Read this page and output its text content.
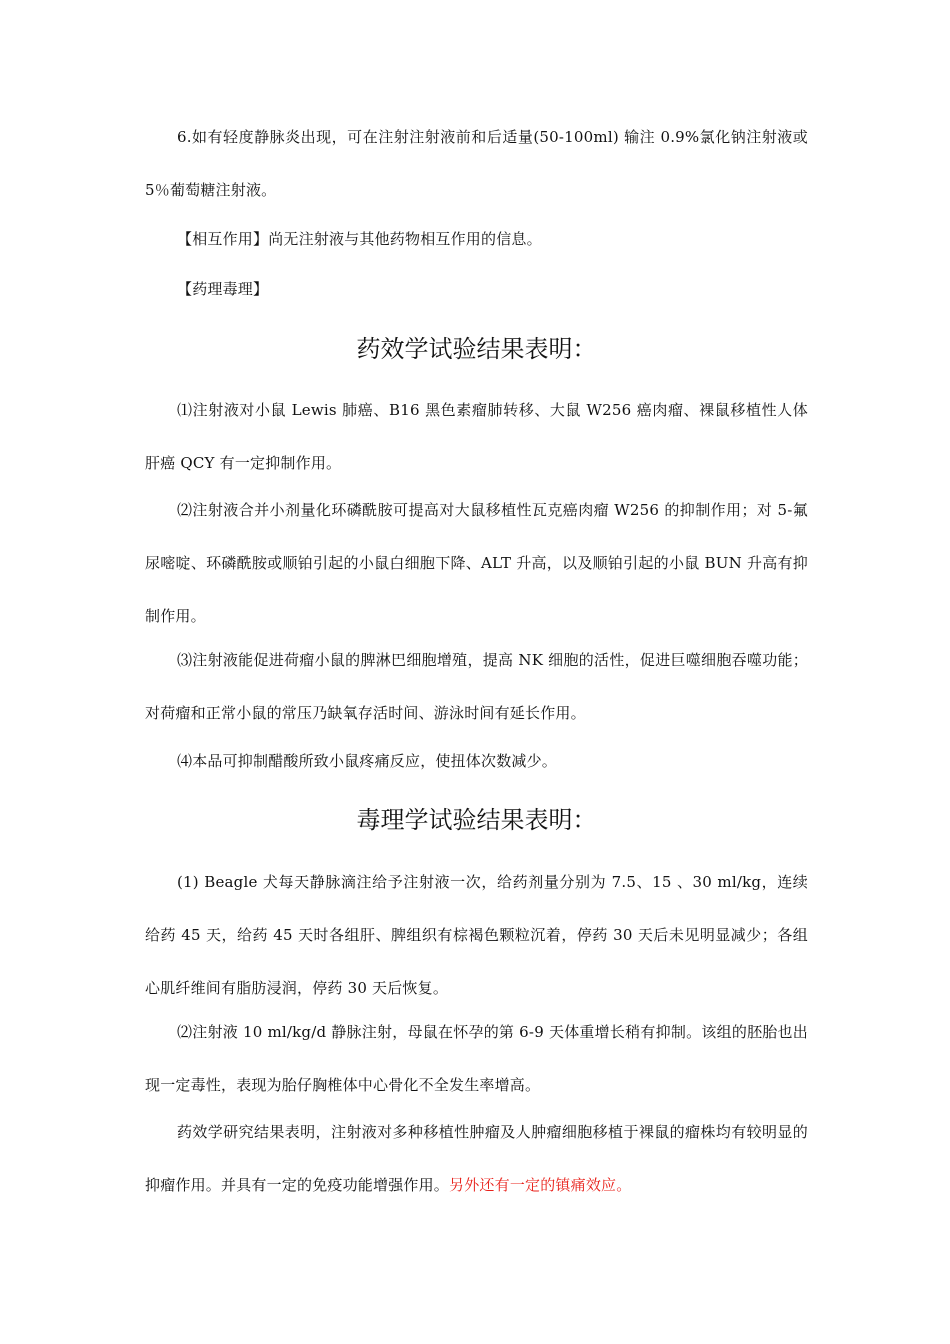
6.如有轻度静脉炎出现，可在注射注射液前和后适量(50-100ml) 输注 0.9%氯化钠注射液或 5％葡萄糖注射液。

【相互作用】尚无注射液与其他药物相互作用的信息。

【药理毒理】

药效学试验结果表明：

⑴注射液对小鼠 Lewis 肺癌、B16 黑色素瘤肺转移、大鼠 W256 癌肉瘤、裸鼠移植性人体肝癌 QCY 有一定抑制作用。

⑵注射液合并小剂量化环磷酰胺可提高对大鼠移植性瓦克癌肉瘤 W256 的抑制作用；对 5-氟尿嘧啶、环磷酰胺或顺铂引起的小鼠白细胞下降、ALT 升高，以及顺铂引起的小鼠 BUN 升高有抑制作用。

⑶注射液能促进荷瘤小鼠的脾淋巴细胞增殖，提高 NK 细胞的活性，促进巨噬细胞吞噬功能；对荷瘤和正常小鼠的常压乃缺氧存活时间、游泳时间有延长作用。

⑷本品可抑制醋酸所致小鼠疼痛反应，使扭体次数减少。

毒理学试验结果表明：

(1) Beagle 犬每天静脉滴注给予注射液一次，给药剂量分别为 7.5、15 、30 ml/kg，连续给药 45 天，给药 45 天时各组肝、脾组织有棕褐色颗粒沉着，停药 30 天后未见明显减少；各组心肌纤维间有脂肪浸润，停药 30 天后恢复。

⑵注射液 10 ml/kg/d 静脉注射，母鼠在怀孕的第 6-9 天体重增长稍有抑制。该组的胚胎也出现一定毒性，表现为胎仔胸椎体中心骨化不全发生率增高。

药效学研究结果表明，注射液对多种移植性肿瘤及人肿瘤细胞移植于裸鼠的瘤株均有较明显的抑瘤作用。并具有一定的免疫功能增强作用。另外还有一定的镇痛效应。
